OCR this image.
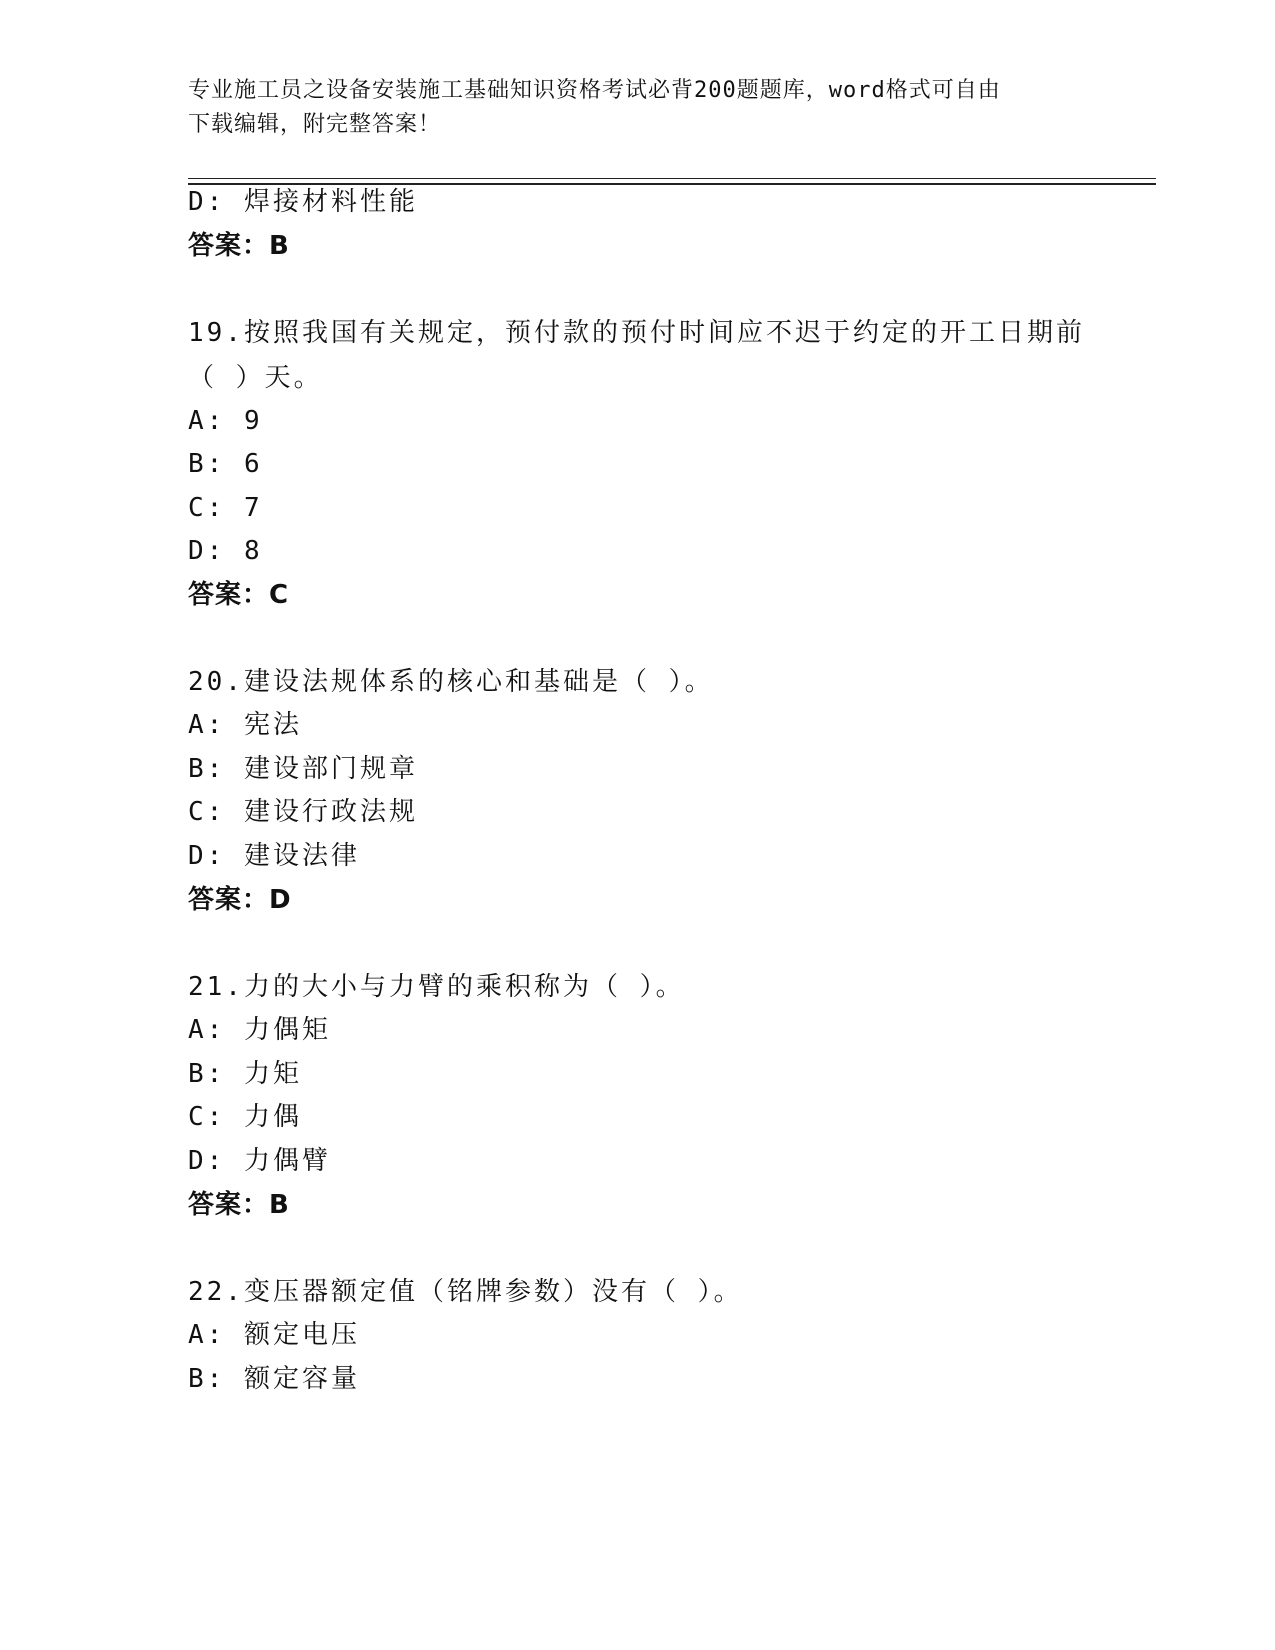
专业施工员之设备安装施工基础知识资格考试必背200题题库，word格式可自由
下载编辑，附完整答案！
D: 焊接材料性能
答案：B
19.按照我国有关规定，预付款的预付时间应不迟于约定的开工日期前
（ ）天。
A: 9
B: 6
C: 7
D: 8
答案：C
20.建设法规体系的核心和基础是（ ）。
A: 宪法
B: 建设部门规章
C: 建设行政法规
D: 建设法律
答案：D
21.力的大小与力臂的乘积称为（ ）。
A: 力偶矩
B: 力矩
C: 力偶
D: 力偶臂
答案：B
22.变压器额定值（铭牌参数）没有（ ）。
A: 额定电压
B: 额定容量
